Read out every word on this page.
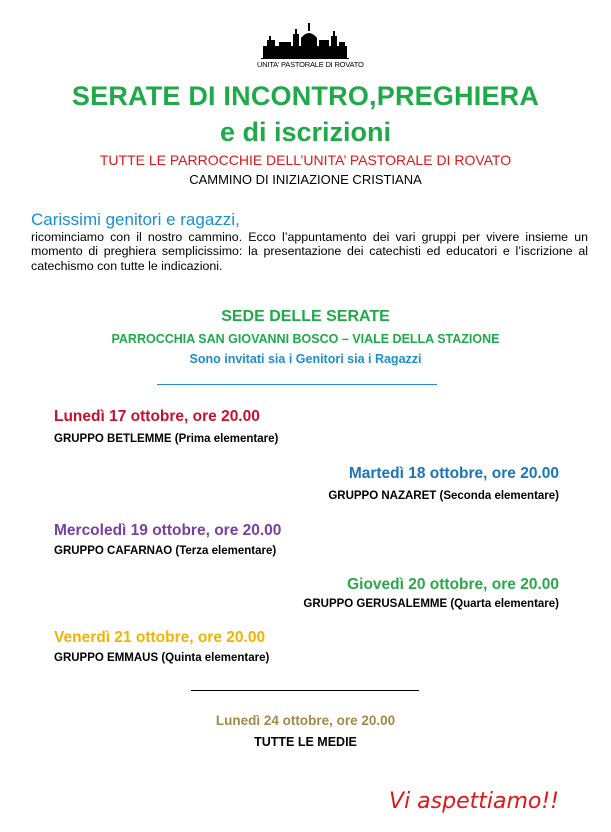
UNITA' PASTORALE DI ROVATO
SERATE DI INCONTRO,PREGHIERA
e di iscrizioni
TUTTE LE PARROCCHIE DELL’UNITA’ PASTORALE DI ROVATO
CAMMINO DI INIZIAZIONE CRISTIANA
Carissimi genitori e ragazzi,
ricominciamo con il nostro cammino. Ecco l’appuntamento dei vari gruppi per vivere insieme un momento di preghiera semplicissimo: la presentazione dei catechisti ed educatori e l’iscrizione al catechismo con tutte le indicazioni.
SEDE DELLE SERATE
PARROCCHIA SAN GIOVANNI BOSCO – VIALE DELLA STAZIONE
Sono invitati sia i Genitori sia i Ragazzi
Lunedì 17 ottobre, ore 20.00
GRUPPO BETLEMME (Prima elementare)
Martedì 18 ottobre, ore 20.00
GRUPPO NAZARET (Seconda elementare)
Mercoledì 19 ottobre, ore 20.00
GRUPPO CAFARNAO (Terza elementare)
Giovedì 20 ottobre, ore 20.00
GRUPPO GERUSALEMME (Quarta elementare)
Venerdì 21 ottobre, ore 20.00
GRUPPO EMMAUS (Quinta elementare)
Lunedì 24 ottobre, ore 20.00
TUTTE LE MEDIE
Vi aspettiamo!!
